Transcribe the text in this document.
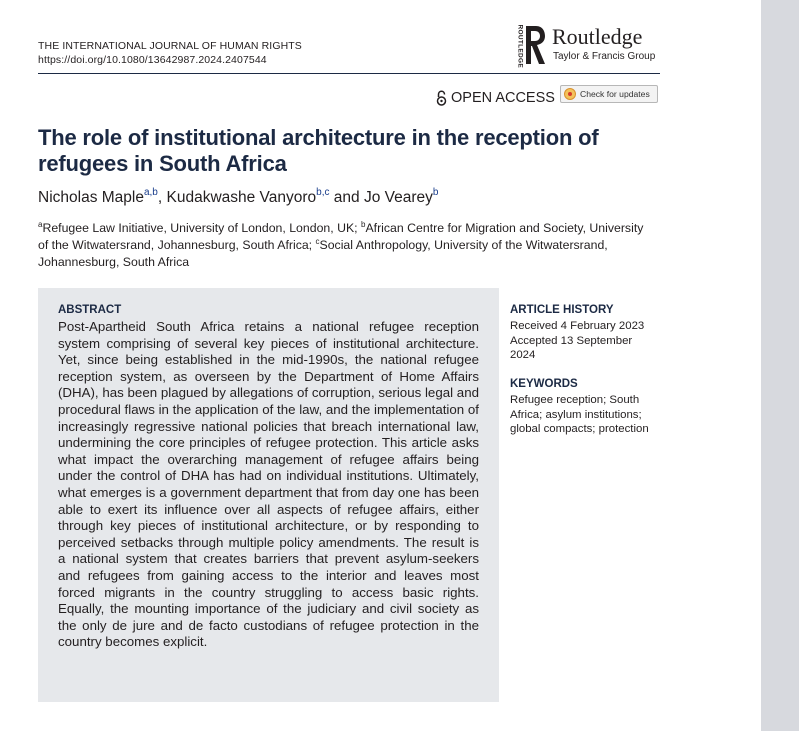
THE INTERNATIONAL JOURNAL OF HUMAN RIGHTS
https://doi.org/10.1080/13642987.2024.2407544	ROUTLEDGE Routledge
Taylor & Francis Group
OPEN ACCESS	Check for updates
The role of institutional architecture in the reception of refugees in South Africa
Nicholas Maple$^{a,b}$, Kudakwashe Vanyoro$^{b,c}$ and Jo Vearey$^b$
$^a$Refugee Law Initiative, University of London, London, UK; $^b$African Centre for Migration and Society, University of the Witwatersrand, Johannesburg, South Africa; $^c$Social Anthropology, University of the Witwatersrand, Johannesburg, South Africa
ABSTRACT
Post-Apartheid South Africa retains a national refugee reception system comprising of several key pieces of institutional architecture. Yet, since being established in the mid-1990s, the national refugee reception system, as overseen by the Department of Home Affairs (DHA), has been plagued by allegations of corruption, serious legal and procedural flaws in the application of the law, and the implementation of increasingly regressive national policies that breach international law, undermining the core principles of refugee protection. This article asks what impact the overarching management of refugee affairs being under the control of DHA has had on individual institutions. Ultimately, what emerges is a government department that from day one has been able to exert its influence over all aspects of refugee affairs, either through key pieces of institutional architecture, or by responding to perceived setbacks through multiple policy amendments. The result is a national system that creates barriers that prevent asylum-seekers and refugees from gaining access to the interior and leaves most forced migrants in the country struggling to access basic rights. Equally, the mounting importance of the judiciary and civil society as the only de jure and de facto custodians of refugee protection in the country becomes explicit.
ARTICLE HISTORY
Received 4 February 2023
Accepted 13 September 2024
KEYWORDS
Refugee reception; South Africa; asylum institutions; global compacts; protection
